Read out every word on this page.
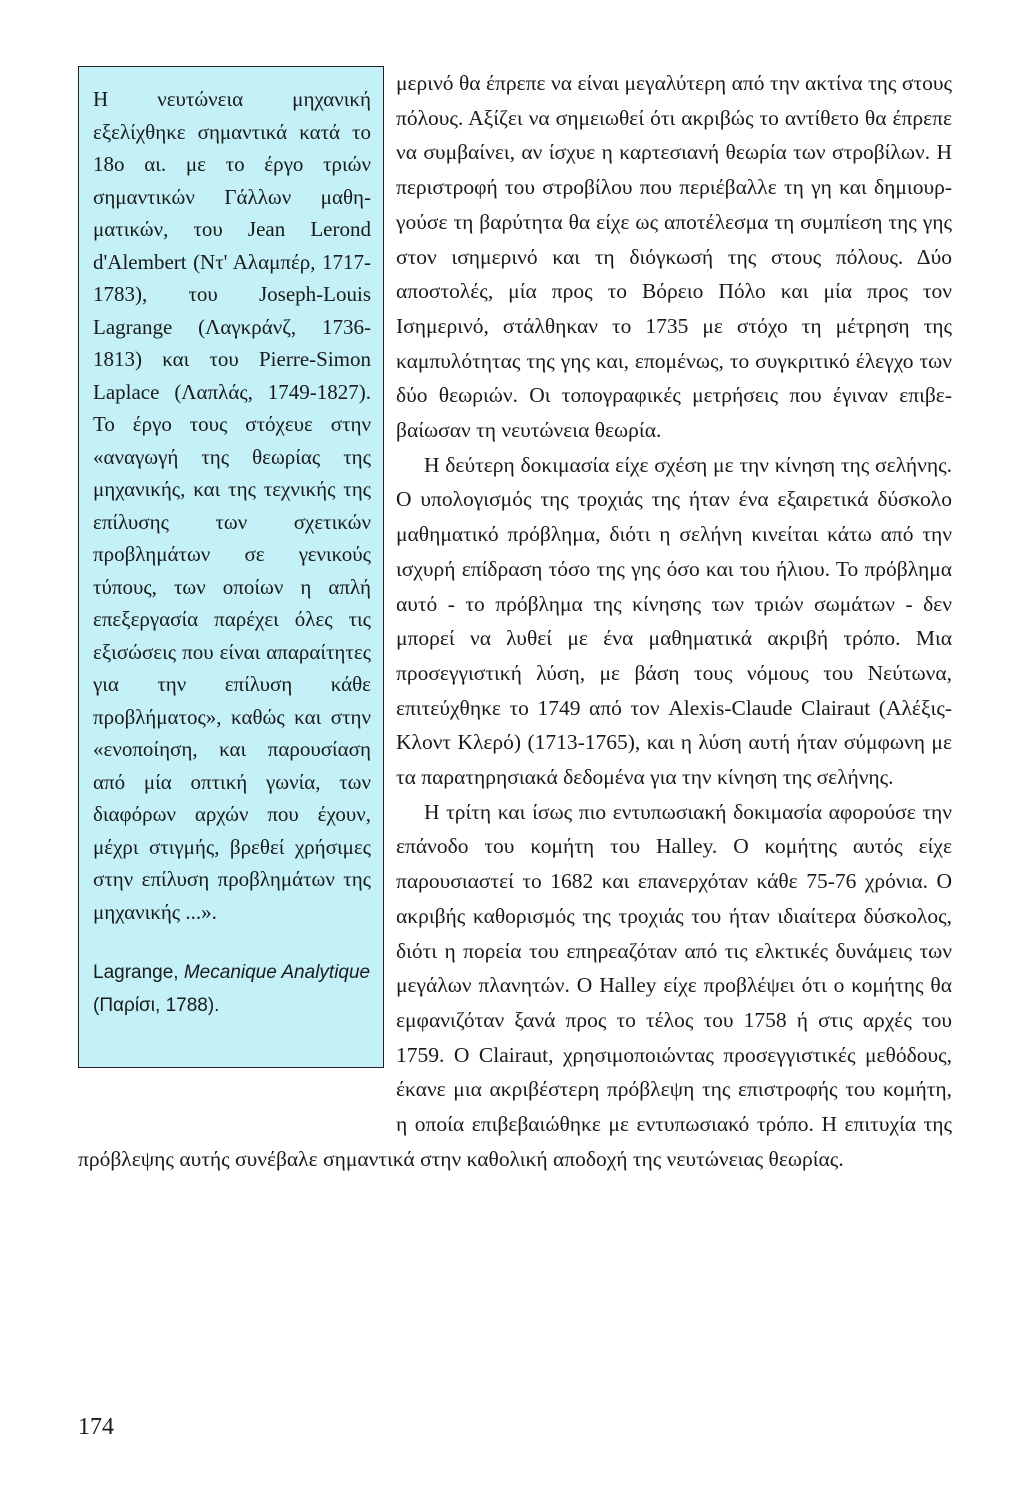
Η νευτώνεια μηχανική εξελίχθηκε σημαντικά κατά το 18ο αι. με το έργο τριών σημαντικών Γάλλων μαθηματικών, του Jean Lerond d'Alembert (Ντ' Αλαμπέρ, 1717-1783), του Joseph-Louis Lagrange (Λαγκράνζ, 1736-1813) και του Pierre-Simon Laplace (Λαπλάς, 1749-1827). Το έργο τους στόχευε στην «αναγωγή της θεωρίας της μηχανικής, και της τεχνικής της επίλυσης των σχετικών προβλημάτων σε γενικούς τύπους, των οποίων η απλή επεξεργασία παρέχει όλες τις εξισώσεις που είναι απαραίτητες για την επίλυση κάθε προβλήματος», καθώς και στην «ενοποίηση, και παρουσίαση από μία οπτική γωνία, των διαφόρων αρχών που έχουν, μέχρι στιγμής, βρεθεί χρήσιμες στην επίλυση προβλημάτων της μηχανικής ...».

Lagrange, Mecanique Analytique (Παρίσι, 1788).

μερινό θα έπρεπε να είναι μεγαλύτερη από την ακτίνα της στους πόλους. Αξίζει να σημειωθεί ότι ακριβώς το αντίθετο θα έπρεπε να συμβαίνει, αν ίσχυε η καρτεσιανή θεωρία των στροβίλων. Η περιστροφή του στροβίλου που περιέβαλλε τη γη και δημιουργούσε τη βαρύτητα θα είχε ως αποτέλεσμα τη συμπίεση της γης στον ισημερινό και τη διόγκωσή της στους πόλους. Δύο αποστολές, μία προς το Βόρειο Πόλο και μία προς τον Ισημερινό, στάλθηκαν το 1735 με στόχο τη μέτρηση της καμπυλότητας της γης και, επομένως, το συγκριτικό έλεγχο των δύο θεωριών. Οι τοπογραφικές μετρήσεις που έγιναν επιβεβαίωσαν τη νευτώνεια θεωρία.

Η δεύτερη δοκιμασία είχε σχέση με την κίνηση της σελήνης. Ο υπολογισμός της τροχιάς της ήταν ένα εξαιρετικά δύσκολο μαθηματικό πρόβλημα, διότι η σελήνη κινείται κάτω από την ισχυρή επίδραση τόσο της γης όσο και του ήλιου. Το πρόβλημα αυτό - το πρόβλημα της κίνησης των τριών σωμάτων - δεν μπορεί να λυθεί με ένα μαθηματικά ακριβή τρόπο. Μια προσεγγιστική λύση, με βάση τους νόμους του Νεύτωνα, επιτεύχθηκε το 1749 από τον Alexis-Claude Clairaut (Αλέξις-Κλοντ Κλερό) (1713-1765), και η λύση αυτή ήταν σύμφωνη με τα παρατηρησιακά δεδομένα για την κίνηση της σελήνης.

Η τρίτη και ίσως πιο εντυπωσιακή δοκιμασία αφορούσε την επάνοδο του κομήτη του Halley. Ο κομήτης αυτός είχε παρουσιαστεί το 1682 και επανερχόταν κάθε 75-76 χρόνια. Ο ακριβής καθορισμός της τροχιάς του ήταν ιδιαίτερα δύσκολος, διότι η πορεία του επηρεαζόταν από τις ελκτικές δυνάμεις των μεγάλων πλανητών. Ο Halley είχε προβλέψει ότι ο κομήτης θα εμφανιζόταν ξανά προς το τέλος του 1758 ή στις αρχές του 1759. Ο Clairaut, χρησιμοποιώντας προσεγγιστικές μεθόδους, έκανε μια ακριβέστερη πρόβλεψη της επιστροφής του κομήτη, η οποία επιβεβαιώθηκε με εντυπωσιακό τρόπο. Η επιτυχία της πρόβλεψης αυτής συνέβαλε σημαντικά στην καθολική αποδοχή της νευτώνειας θεωρίας.

174
